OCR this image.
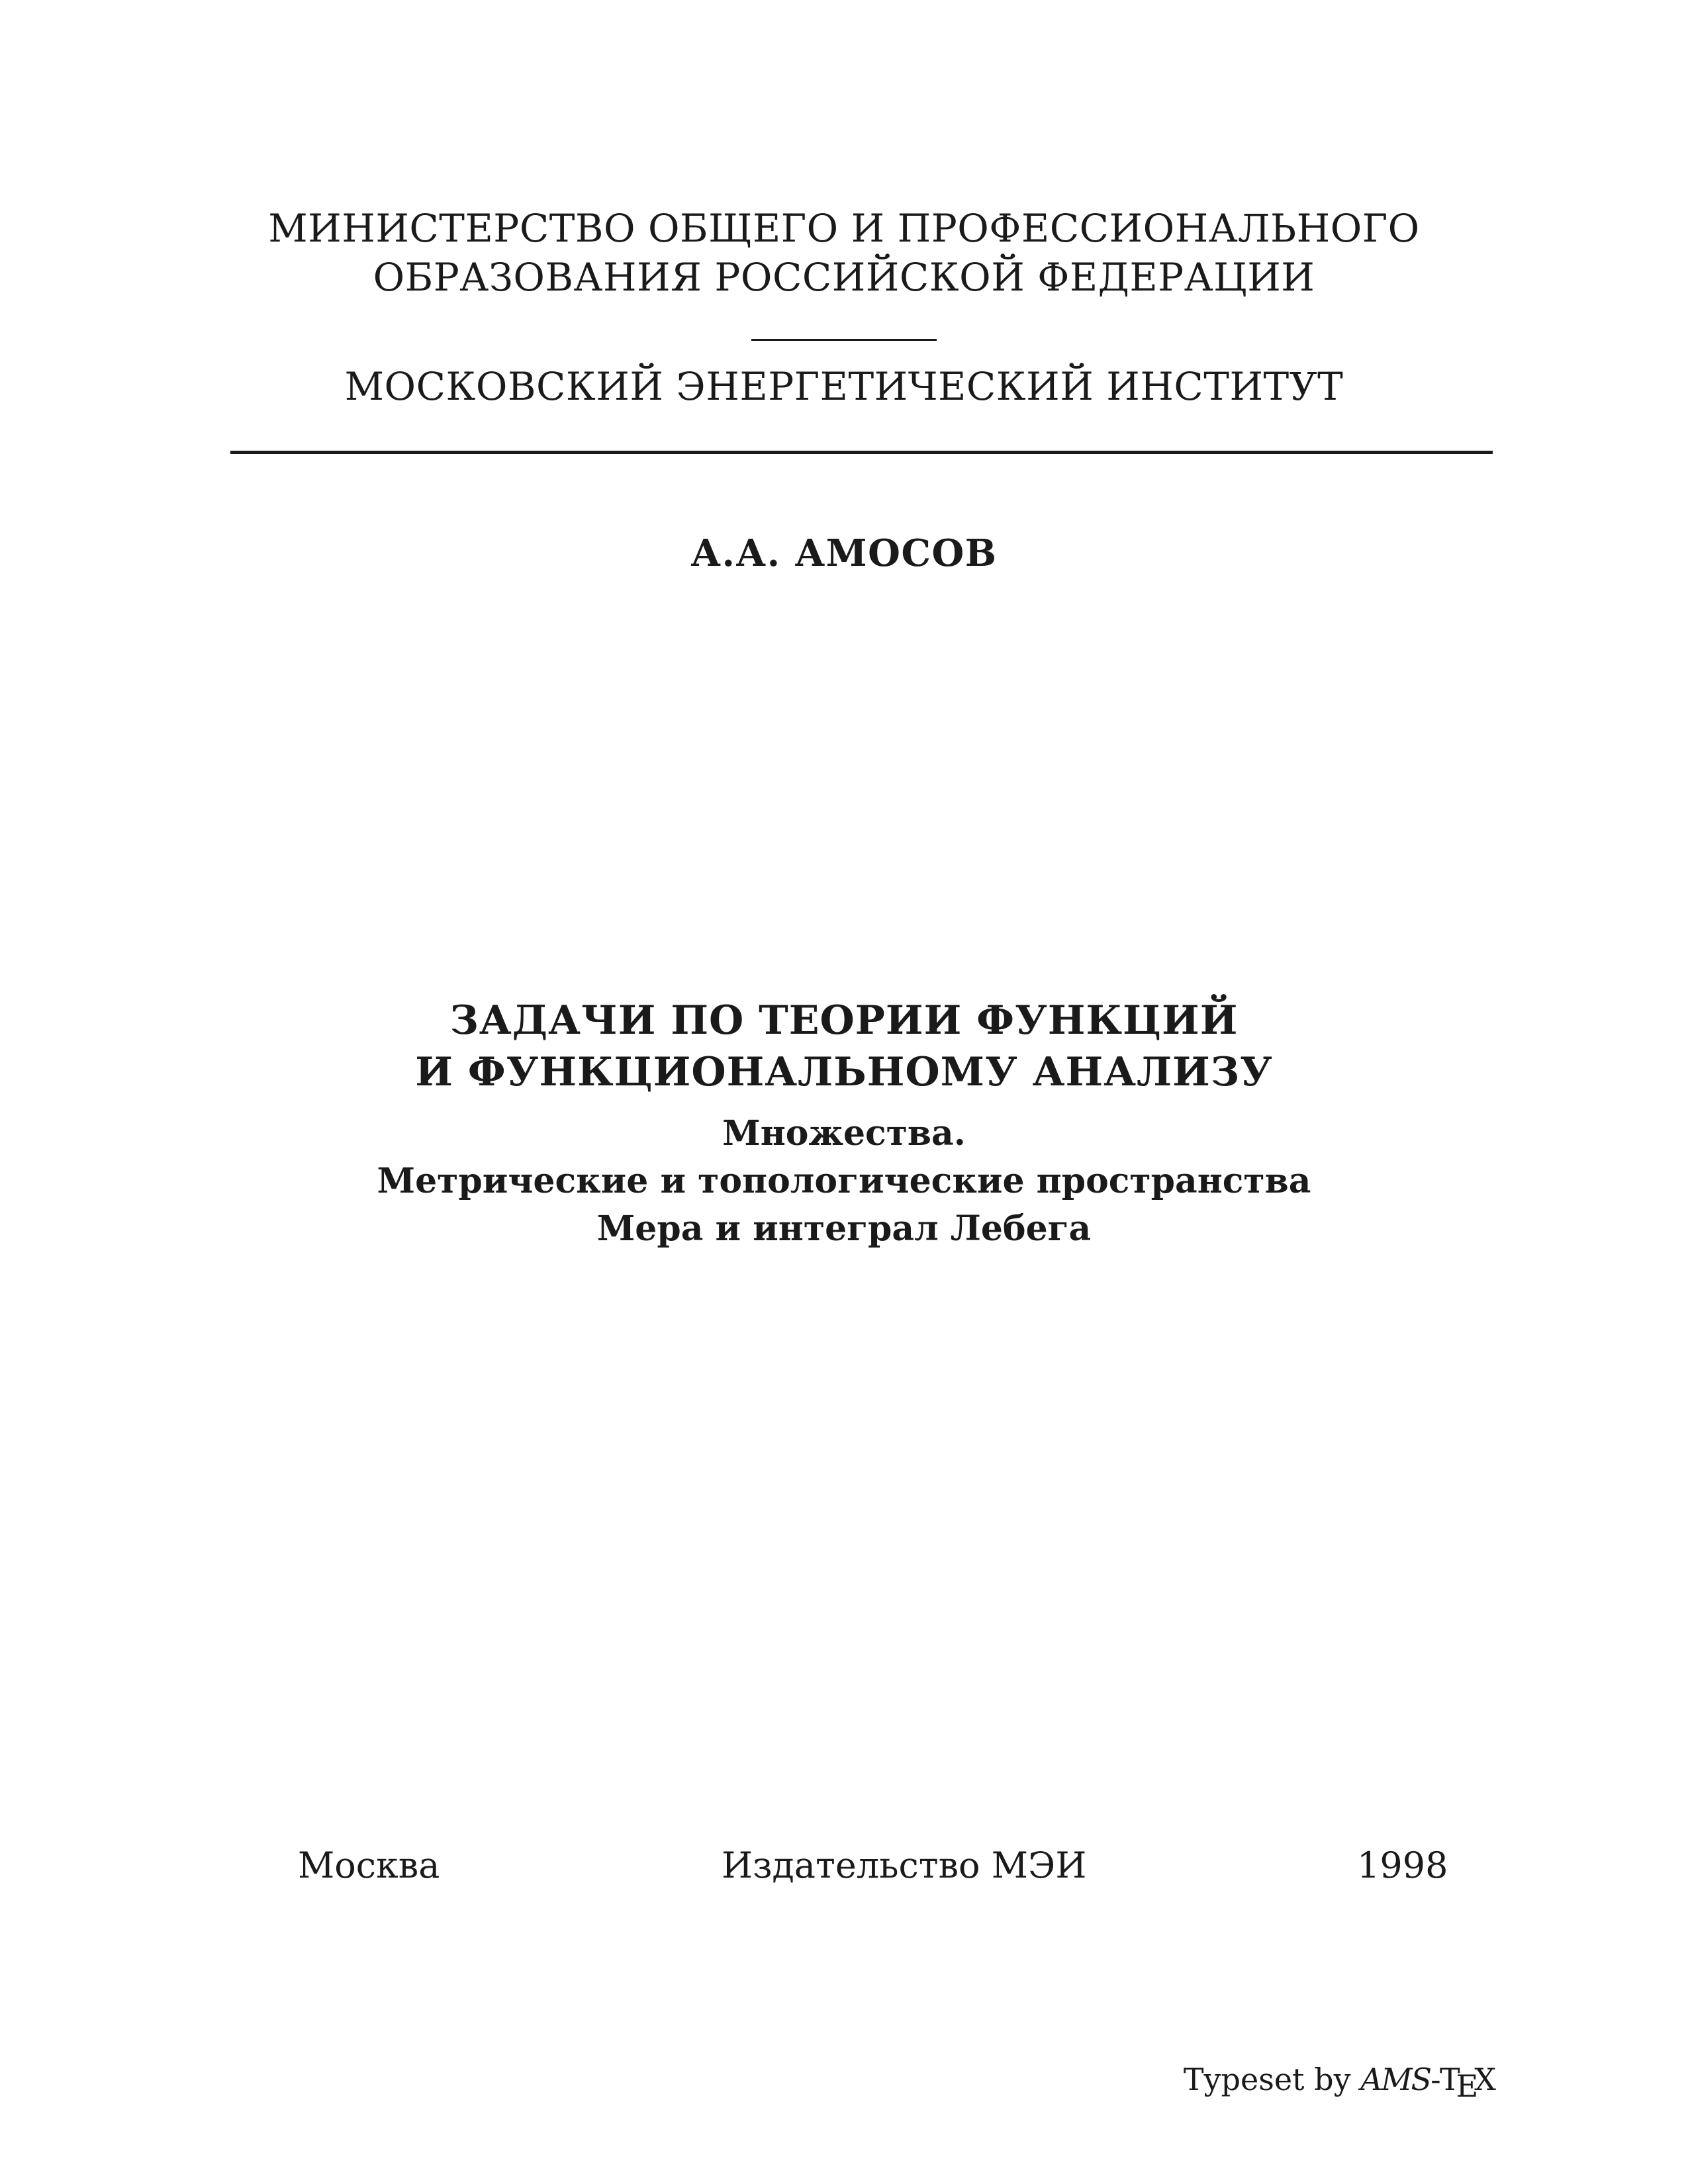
МИНИСТЕРСТВО ОБЩЕГО И ПРОФЕССИОНАЛЬНОГО
ОБРАЗОВАНИЯ РОССИЙСКОЙ ФЕДЕРАЦИИ
МОСКОВСКИЙ ЭНЕРГЕТИЧЕСКИЙ ИНСТИТУТ
А.А. АМОСОВ
ЗАДАЧИ ПО ТЕОРИИ ФУНКЦИЙ
И ФУНКЦИОНАЛЬНОМУ АНАЛИЗУ
Множества.
Метрические и топологические пространства
Мера и интеграл Лебега
Москва	Издательство МЭИ	1998
Typeset by AMS-TEX
